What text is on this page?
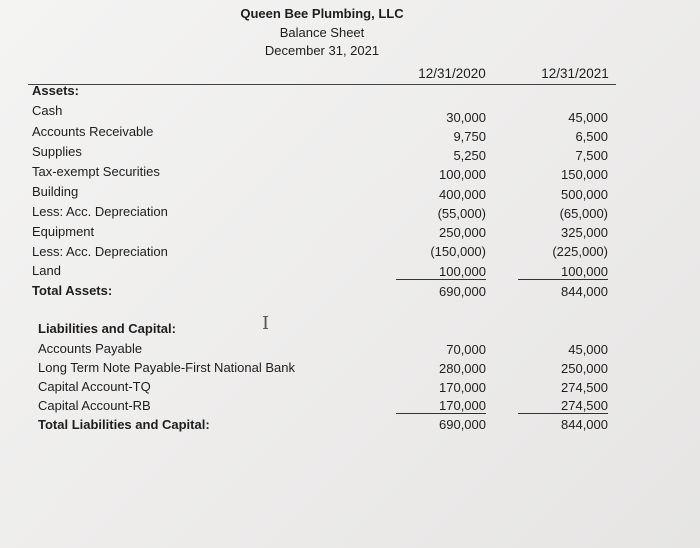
Queen Bee Plumbing, LLC
Balance Sheet
December 31, 2021
12/31/2020	12/31/2021
Assets:
Cash
Accounts Receivable
Supplies
Tax-exempt Securities
Building
Less: Acc. Depreciation
Equipment
Less: Acc. Depreciation
Land
Total Assets:
30,000
9,750
5,250
100,000
400,000
(55,000)
250,000
(150,000)
100,000
690,000
45,000
6,500
7,500
150,000
500,000
(65,000)
325,000
(225,000)
100,000
844,000
I
Liabilities and Capital:
Accounts Payable
Long Term Note Payable-First National Bank
Capital Account-TQ
Capital Account-RB
Total Liabilities and Capital:
70,000
280,000
170,000
170,000
690,000
45,000
250,000
274,500
274,500
844,000
